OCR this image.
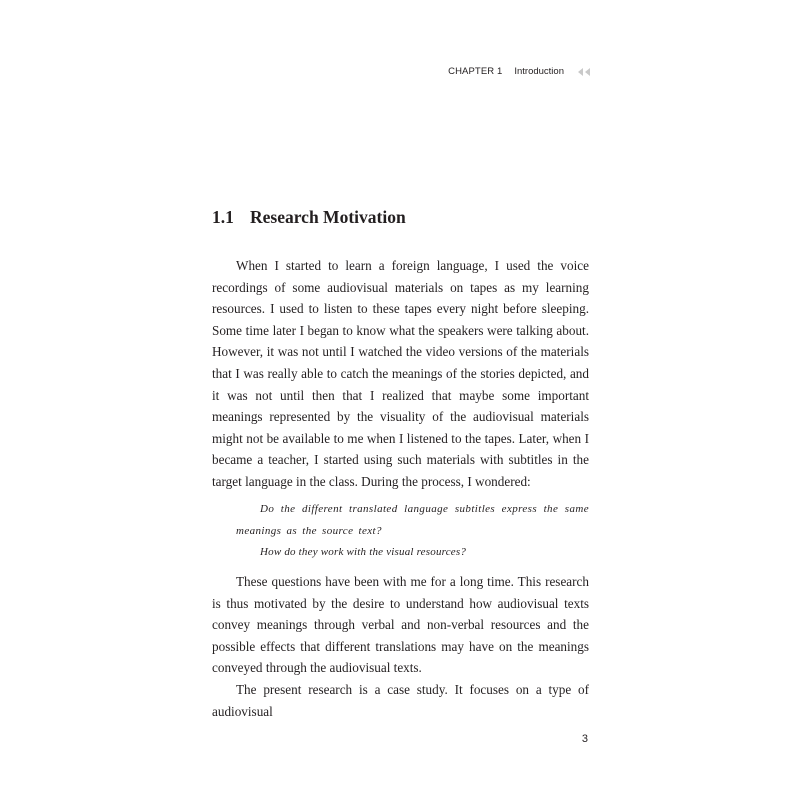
CHAPTER 1 Introduction
1.1 Research Motivation

When I started to learn a foreign language, I used the voice recordings of some audiovisual materials on tapes as my learning resources. I used to listen to these tapes every night before sleeping. Some time later I began to know what the speakers were talking about. However, it was not until I watched the video versions of the materials that I was really able to catch the meanings of the stories depicted, and it was not until then that I realized that maybe some important meanings represented by the visuality of the audiovisual materials might not be available to me when I listened to the tapes. Later, when I became a teacher, I started using such materials with subtitles in the target language in the class. During the process, I wondered:

Do the different translated language subtitles express the same meanings as the source text?

How do they work with the visual resources?

These questions have been with me for a long time. This research is thus motivated by the desire to understand how audiovisual texts convey meanings through verbal and non-verbal resources and the possible effects that different translations may have on the meanings conveyed through the audiovisual texts.

The present research is a case study. It focuses on a type of audiovisual

3
